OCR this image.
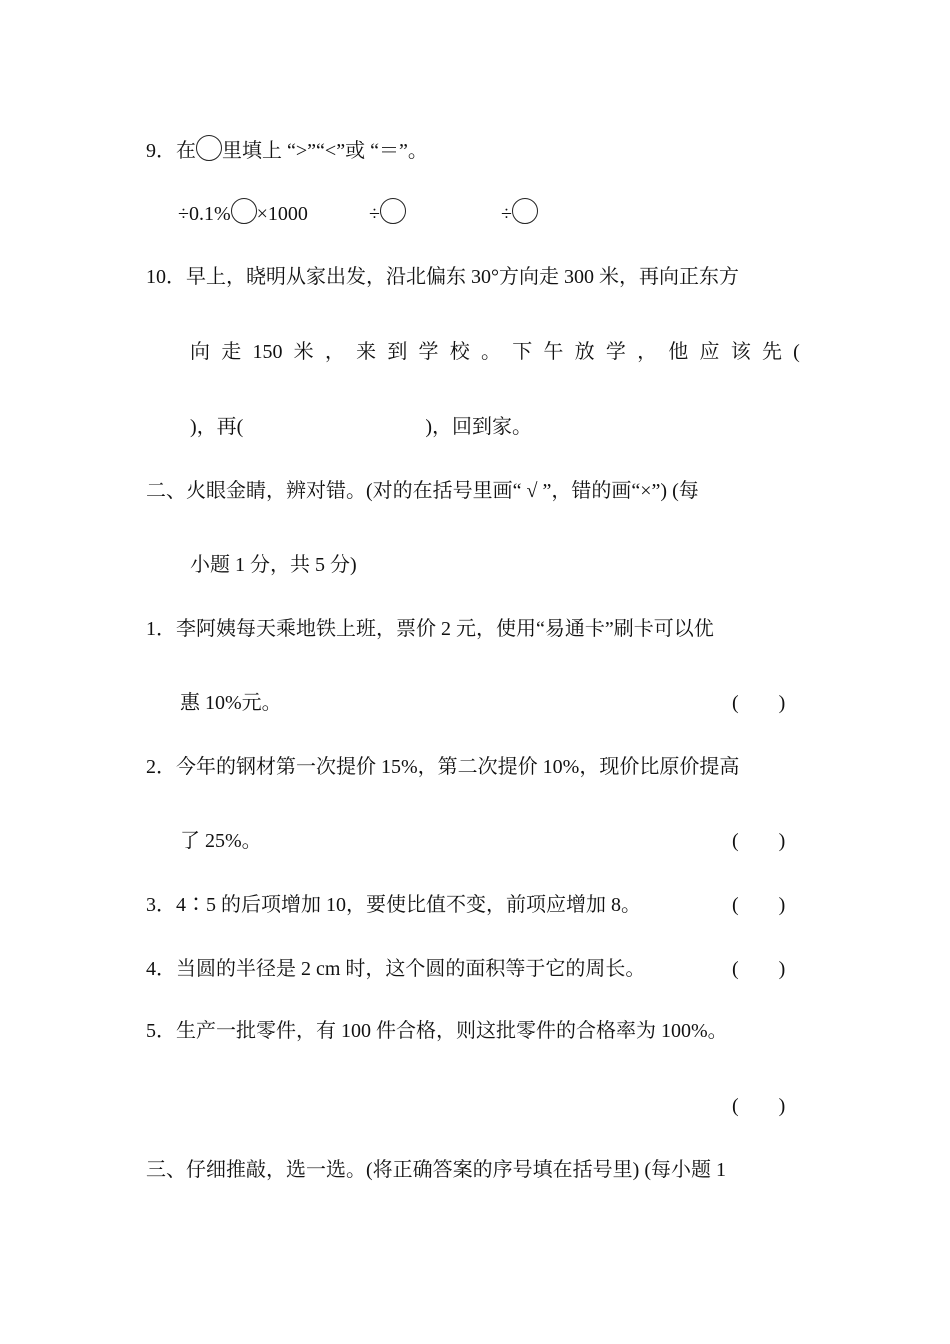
9．在 里填上 “>”“<”或 “＝”。
÷0.1% ×1000	÷	÷
10．早上，晓明从家出发，沿北偏东 30°方向走 300 米，再向正东方
向 走 150 米 ， 来 到 学 校 。 下 午 放 学 ， 他 应 该 先 (
)，再(	)，回到家。
二、火眼金睛，辨对错。(对的在括号里画“ √ ”，错的画“×”) (每
小题 1 分，共 5 分)
1．李阿姨每天乘地铁上班，票价 2 元，使用“易通卡”刷卡可以优
惠 10%元。	(        )
2．今年的钢材第一次提价 15%，第二次提价 10%，现价比原价提高
了 25%。	(        )
3．4∶5 的后项增加 10，要使比值不变，前项应增加 8。	(        )
4．当圆的半径是 2 cm 时，这个圆的面积等于它的周长。	(        )
5．生产一批零件，有 100 件合格，则这批零件的合格率为 100%。
(        )
三、仔细推敲，选一选。(将正确答案的序号填在括号里) (每小题 1
